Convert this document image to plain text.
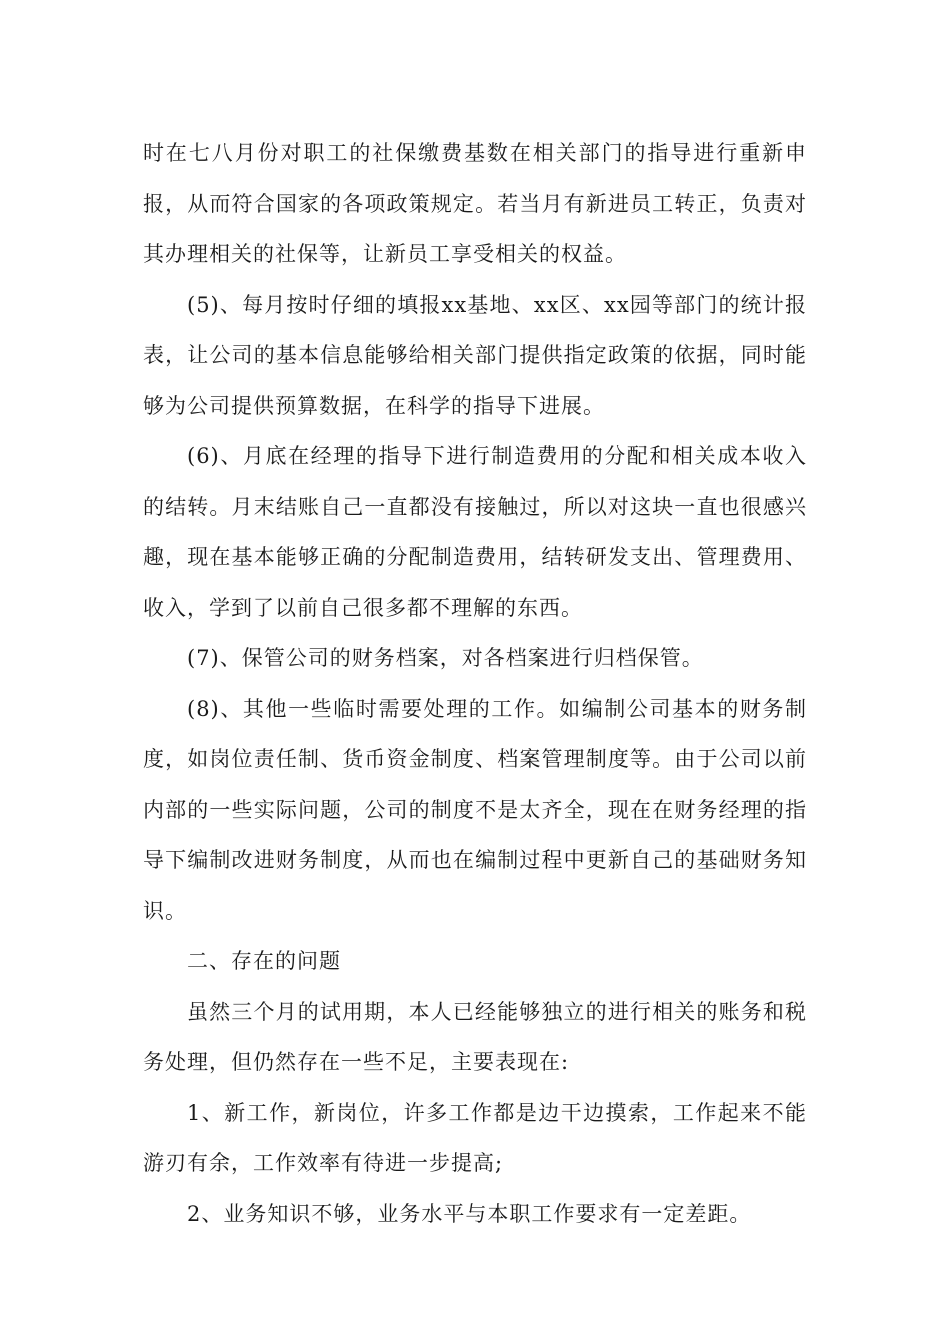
时在七八月份对职工的社保缴费基数在相关部门的指导进行重新申报，从而符合国家的各项政策规定。若当月有新进员工转正，负责对其办理相关的社保等，让新员工享受相关的权益。

(5)、每月按时仔细的填报xx基地、xx区、xx园等部门的统计报表，让公司的基本信息能够给相关部门提供指定政策的依据，同时能够为公司提供预算数据，在科学的指导下进展。

(6)、月底在经理的指导下进行制造费用的分配和相关成本收入的结转。月末结账自己一直都没有接触过，所以对这块一直也很感兴趣，现在基本能够正确的分配制造费用，结转研发支出、管理费用、收入，学到了以前自己很多都不理解的东西。

(7)、保管公司的财务档案，对各档案进行归档保管。

(8)、其他一些临时需要处理的工作。如编制公司基本的财务制度，如岗位责任制、货币资金制度、档案管理制度等。由于公司以前内部的一些实际问题，公司的制度不是太齐全，现在在财务经理的指导下编制改进财务制度，从而也在编制过程中更新自己的基础财务知识。

二、存在的问题

虽然三个月的试用期，本人已经能够独立的进行相关的账务和税务处理，但仍然存在一些不足，主要表现在:

1、新工作，新岗位，许多工作都是边干边摸索，工作起来不能游刃有余，工作效率有待进一步提高;

2、业务知识不够，业务水平与本职工作要求有一定差距。
